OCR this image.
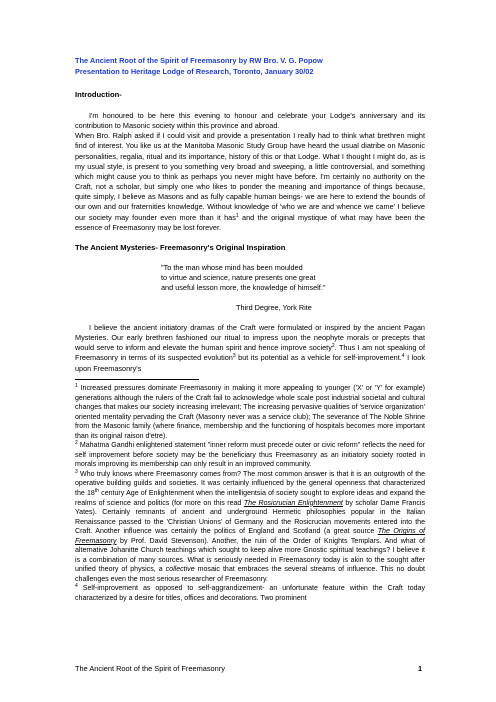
The Ancient Root of the Spirit of Freemasonry by RW Bro. V. G. Popow
Presentation to Heritage Lodge of Research, Toronto, January 30/02
Introduction-

I'm honoured to be here this evening to honour and celebrate your Lodge's anniversary and its contribution to Masonic society within this province and abroad.

When Bro. Ralph asked if I could visit and provide a presentation I really had to think what brethren might find of interest. You like us at the Manitoba Masonic Study Group have heard the usual diatribe on Masonic personalities, regalia, ritual and its importance, history of this or that Lodge. What I thought I might do, as is my usual style, is present to you something very broad and sweeping, a little controversial, and something which might cause you to think as perhaps you never might have before. I'm certainly no authority on the Craft, not a scholar, but simply one who likes to ponder the meaning and importance of things because, quite simply, I believe as Masons and as fully capable human beings- we are here to extend the bounds of our own and our fraternities knowledge. Without knowledge of 'who we are and whence we came' I believe our society may founder even more than it has$^1$ and the original mystique of what may have been the essence of Freemasonry may be lost forever.

The Ancient Mysteries- Freemasonry's Original Inspiration
"To the man whose mind has been moulded
to virtue and science, nature presents one great
and useful lesson more, the knowledge of himself."
Third Degree, York Rite

I believe the ancient initiatory dramas of the Craft were formulated or inspired by the ancient Pagan Mysteries. Our early brethren fashioned our ritual to impress upon the neophyte morals or precepts that would serve to inform and elevate the human spirit and hence improve society$^2$. Thus I am not speaking of Freemasonry in terms of its suspected evolution$^3$ but its potential as a vehicle for self-improvement.$^4$ I look upon Freemasonry's

$^1$ Increased pressures dominate Freemasonry in making it more appealing to younger ('X' or 'Y' for example) generations although the rulers of the Craft fail to acknowledge whole scale post industrial societal and cultural changes that makes our society increasing irrelevant; The increasing pervasive qualities of 'service organization' oriented mentality pervading the Craft (Masonry never was a service club); The severance of The Noble Shrine from the Masonic family (where finance, membership and the functioning of hospitals becomes more important than its original raison d'etre).

$^2$ Mahatma Gandhi enlightened statement "inner reform must precede outer or civic reform" reflects the need for self improvement before society may be the beneficiary thus Freemasonry as an initiatory society rooted in morals improving its membership can only result in an improved community.

$^3$ Who truly knows where Freemasonry comes from? The most common answer is that it is an outgrowth of the operative building guilds and societies. It was certainly influenced by the general openness that characterized the 18th century Age of Enlightenment when the intelligentsia of society sought to explore ideas and expand the realms of science and politics (for more on this read The Rosicrucian Enlightenment by scholar Dame Francis Yates). Certainly remnants of ancient and underground Hermetic philosophies popular in the Italian Renaissance passed to the 'Christian Unions' of Germany and the Rosicrucian movements entered into the Craft. Another influence was certainly the politics of England and Scotland (a great source The Origins of Freemasonry by Prof. David Stevenson). Another, the ruin of the Order of Knights Templars. And what of alternative Johanitte Church teachings which sought to keep alive more Gnostic spiritual teachings? I believe it is a combination of many sources. What is seriously needed in Freemasonry today is akin to the sought after unified theory of physics, a collective mosaic that embraces the several streams of influence. This no doubt challenges even the most serious researcher of Freemasonry.

$^4$ Self-improvement as opposed to self-aggrandizement- an unfortunate feature within the Craft today characterized by a desire for titles, offices and decorations. Two prominent

The Ancient Root of the Spirit of Freemasonry	1
